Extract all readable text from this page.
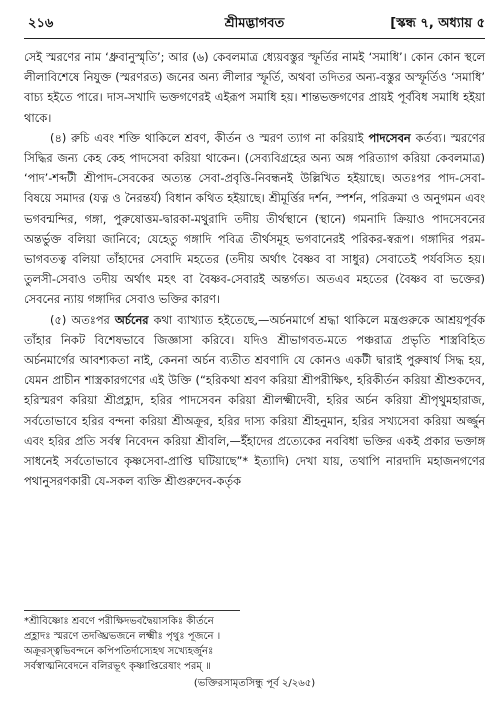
২১৬	শ্রীমদ্ভাগবত	[স্কন্ধ ৭, অধ্যায় ৫

সেই স্মরণের নাম ‘ধ্রুবানুস্মৃতি’; আর (৬) কেবলমাত্র ধ্যেয়বস্তুর স্ফূর্তির নামই ‘সমাধি’। কোন কোন স্থলে লীলাবিশেষে নিযুক্ত (স্মরণরত) জনের অন্য লীলার স্ফূর্তি, অথবা তদিতর অন্য-বস্তুর অস্ফূর্তিও ‘সমাধি’ বাচ্য হইতে পারে। দাস-সখাদি ভক্তগণেরই এইরূপ সমাধি হয়। শান্তভক্তগণের প্রায়ই পূর্ববিধ সমাধি হইয়া থাকে।

(৪) রুচি এবং শক্তি থাকিলে শ্রবণ, কীর্তন ও স্মরণ ত্যাগ না করিয়াই পাদসেবন কর্তব্য। স্মরণের সিদ্ধির জন্য কেহ কেহ পাদসেবা করিয়া থাকেন। (সেব্যবিগ্রহের অন্য অঙ্গ পরিত্যাগ করিয়া কেবলমাত্র) ‘পাদ’-শব্দটী শ্রীপাদ-সেবকের অত্যন্ত সেবা-প্রবৃত্তি-নিবন্ধনই উল্লিখিত হইয়াছে। অতঃপর পাদ-সেবা-বিষয়ে সমাদর (যত্ন ও নৈরন্তর্য) বিধান কথিত হইয়াছে। শ্রীমূর্ত্তির দর্শন, স্পর্শন, পরিক্রমা ও অনুগমন এবং ভগবন্মন্দির, গঙ্গা, পুরুষোত্তম-দ্বারকা-মথুরাদি তদীয় তীর্থস্থানে (স্থানে) গমনাদি ক্রিয়াও পাদসেবনের অন্তর্ভুক্ত বলিয়া জানিবে; যেহেতু গঙ্গাদি পবিত্র তীর্থসমূহ ভগবানেরই পরিকর-স্বরূপ। গঙ্গাদির পরম-ভাগবতত্ব বলিয়া তাঁহাদের সেবাদি মহতের (তদীয় অর্থাৎ বৈষ্ণব বা সাধুর) সেবাতেই পর্যবসিত হয়। তুলসী-সেবাও তদীয় অর্থাৎ মহৎ বা বৈষ্ণব-সেবারই অন্তর্গত। অতএব মহতের (বৈষ্ণব বা ভক্তের) সেবনের ন্যায় গঙ্গাদির সেবাও ভক্তির কারণ।

(৫) অতঃপর অর্চনের কথা ব্যাখ্যাত হইতেছে,—অর্চনমার্গে শ্রদ্ধা থাকিলে মন্ত্রগুরুকে আশ্রয়পূর্বক তাঁহার নিকট বিশেষভাবে জিজ্ঞাসা করিবে। যদিও শ্রীভাগবত-মতে পঞ্চরাত্র প্রভৃতি শাস্ত্রবিহিত অর্চনমার্গের আবশ্যকতা নাই, কেননা অর্চন ব্যতীত শ্রবণাদি যে কোনও একটী দ্বারাই পুরুষার্থ সিদ্ধ হয়, যেমন প্রাচীন শাস্ত্রকারগণের এই উক্তি (“হরিকথা শ্রবণ করিয়া শ্রীপরীক্ষিৎ, হরিকীর্তন করিয়া শ্রীশুকদেব, হরিস্মরণ করিয়া শ্রীপ্রহ্লাদ, হরির পাদসেবন করিয়া শ্রীলক্ষ্মীদেবী, হরির অর্চন করিয়া শ্রীপৃথুমহারাজ, সর্বতোভাবে হরির বন্দনা করিয়া শ্রীঅক্রূর, হরির দাস্য করিয়া শ্রীহনুমান, হরির সখ্যসেবা করিয়া অর্জ্জুন এবং হরির প্রতি সর্বস্ব নিবেদন করিয়া শ্রীবলি,—ইঁহাদের প্রত্যেকের নববিধা ভক্তির একই প্রকার ভক্তাঙ্গ সাধনেই সর্বতোভাবে কৃষ্ণসেবা-প্রাপ্তি ঘটিয়াছে”* ইত্যাদি) দেখা যায়, তথাপি নারদাদি মহাজনগণের পথানুসরণকারী যে-সকল ব্যক্তি শ্রীগুরুদেব-কর্তৃক

*শ্রীবিষ্ণোঃ শ্রবণে পরীক্ষিদভবদ্বৈয়াসকিঃ কীর্তনে
প্রহ্লাদঃ স্মরণে তদঙ্ঘ্রিভজনে লক্ষ্মীঃ পৃথুঃ পূজনে ।
অক্রূরস্ত্বভিবন্দনে কপিপতির্দাস্যেহথ সখ্যেহর্জুনঃ
সর্বস্বাত্মনিবেদনে বলিরভূৎ কৃষ্ণাপ্তিরেষাং পরম্ ॥
(ভক্তিরসামৃতসিন্ধু পূর্ব ২/২৬৫)
